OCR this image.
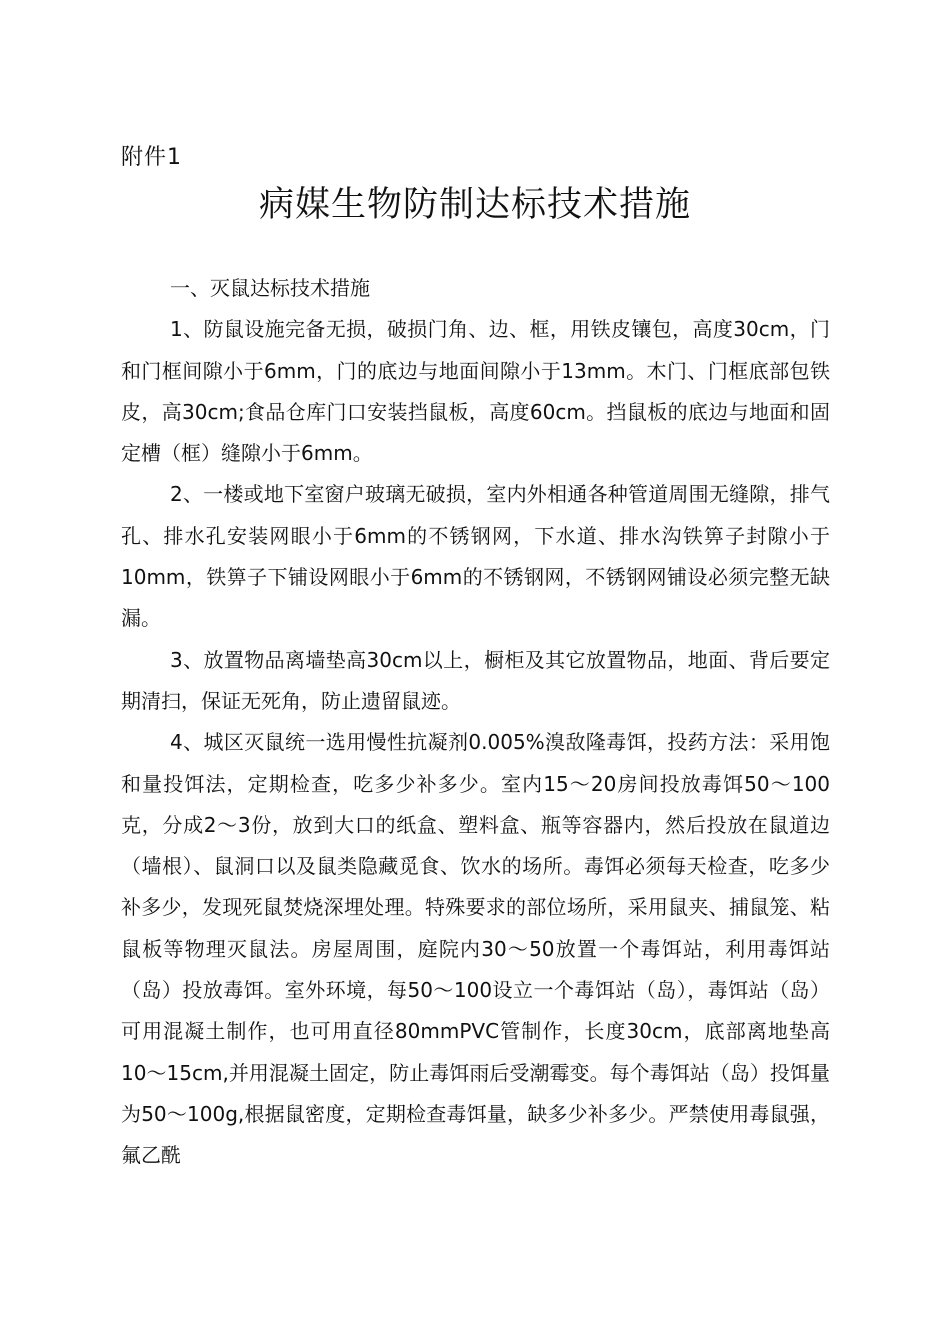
附件1
病媒生物防制达标技术措施

一、灭鼠达标技术措施

1、防鼠设施完备无损，破损门角、边、框，用铁皮镶包，高度30cm，门和门框间隙小于6mm，门的底边与地面间隙小于13mm。木门、门框底部包铁皮，高30cm;食品仓库门口安装挡鼠板，高度60cm。挡鼠板的底边与地面和固定槽（框）缝隙小于6mm。

2、一楼或地下室窗户玻璃无破损，室内外相通各种管道周围无缝隙，排气孔、排水孔安装网眼小于6mm的不锈钢网，下水道、排水沟铁箅子封隙小于10mm，铁箅子下铺设网眼小于6mm的不锈钢网，不锈钢网铺设必须完整无缺漏。

3、放置物品离墙垫高30cm以上，橱柜及其它放置物品，地面、背后要定期清扫，保证无死角，防止遗留鼠迹。

4、城区灭鼠统一选用慢性抗凝剂0.005%溴敌隆毒饵，投药方法：采用饱和量投饵法，定期检查，吃多少补多少。室内15〜20房间投放毒饵50〜100克，分成2〜3份，放到大口的纸盒、塑料盒、瓶等容器内，然后投放在鼠道边（墙根）、鼠洞口以及鼠类隐藏觅食、饮水的场所。毒饵必须每天检查，吃多少补多少，发现死鼠焚烧深埋处理。特殊要求的部位场所，采用鼠夹、捕鼠笼、粘鼠板等物理灭鼠法。房屋周围，庭院内30〜50放置一个毒饵站，利用毒饵站（岛）投放毒饵。室外环境，每50〜100设立一个毒饵站（岛），毒饵站（岛）可用混凝土制作，也可用直径80mmPVC管制作，长度30cm，底部离地垫高10〜15cm,并用混凝土固定，防止毒饵雨后受潮霉变。每个毒饵站（岛）投饵量为50〜100g,根据鼠密度，定期检查毒饵量，缺多少补多少。严禁使用毒鼠强，氟乙酰
